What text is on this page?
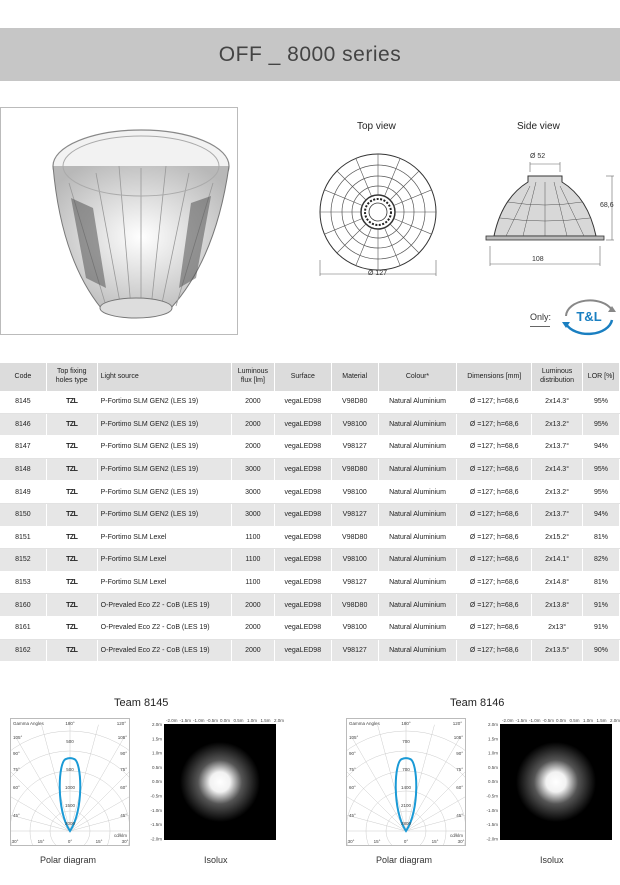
OFF _ 8000 series
Top view	Side view
Ø 127
Ø 52
68,6
108
Only: T&L
Code	Top fixing holes type	Light source	Luminous flux [lm]	Surface	Material	Colour*	Dimensions [mm]	Luminous distribution	LOR [%]
8145	TZL	P-Fortimo SLM GEN2 (LES 19)	2000	vegaLED98	V98D80	Natural Aluminium	Ø =127; h=68,6	2x14.3°	95%
8146	TZL	P-Fortimo SLM GEN2 (LES 19)	2000	vegaLED98	V98100	Natural Aluminium	Ø =127; h=68,6	2x13.2°	95%
8147	TZL	P-Fortimo SLM GEN2 (LES 19)	2000	vegaLED98	V98127	Natural Aluminium	Ø =127; h=68,6	2x13.7°	94%
8148	TZL	P-Fortimo SLM GEN2 (LES 19)	3000	vegaLED98	V98D80	Natural Aluminium	Ø =127; h=68,6	2x14.3°	95%
8149	TZL	P-Fortimo SLM GEN2 (LES 19)	3000	vegaLED98	V98100	Natural Aluminium	Ø =127; h=68,6	2x13.2°	95%
8150	TZL	P-Fortimo SLM GEN2 (LES 19)	3000	vegaLED98	V98127	Natural Aluminium	Ø =127; h=68,6	2x13.7°	94%
8151	TZL	P-Fortimo SLM Lexel	1100	vegaLED98	V98D80	Natural Aluminium	Ø =127; h=68,6	2x15.2°	81%
8152	TZL	P-Fortimo SLM Lexel	1100	vegaLED98	V98100	Natural Aluminium	Ø =127; h=68,6	2x14.1°	82%
8153	TZL	P-Fortimo SLM Lexel	1100	vegaLED98	V98127	Natural Aluminium	Ø =127; h=68,6	2x14.8°	81%
8160	TZL	O-Prevaled Eco Z2 - CoB (LES 19)	2000	vegaLED98	V98D80	Natural Aluminium	Ø =127; h=68,6	2x13.8°	91%
8161	TZL	O-Prevaled Eco Z2 - CoB (LES 19)	2000	vegaLED98	V98100	Natural Aluminium	Ø =127; h=68,6	2x13°	91%
8162	TZL	O-Prevaled Eco Z2 - CoB (LES 19)	2000	vegaLED98	V98127	Natural Aluminium	Ø =127; h=68,6	2x13.5°	90%
Team 8145
Gamma Angles	180°	120°
500
500
1000
1500
2000
105°
90°
75°
60°
45°
105°
90°
75°
60°
45°
30°	15°	0°	15°	30°
cd/klm
-2.0m -1.5m -1.0m -0.5m 0.0m 0.5m 1.0m 1.5m 2.0m
2.0m
1.5m
1.0m
0.5m
0.0m
-0.5m
-1.0m
-1.5m
-2.0m
Polar diagram	Isolux
Team 8146
Gamma Angles	180°	120°
700
700
1400
2100
2800
105°
90°
75°
60°
45°
105°
90°
75°
60°
45°
30°	15°	0°	15°	30°
cd/klm
-2.0m -1.5m -1.0m -0.5m 0.0m 0.5m 1.0m 1.5m 2.0m
2.0m
1.5m
1.0m
0.5m
0.0m
-0.5m
-1.0m
-1.5m
-2.0m
Polar diagram	Isolux
